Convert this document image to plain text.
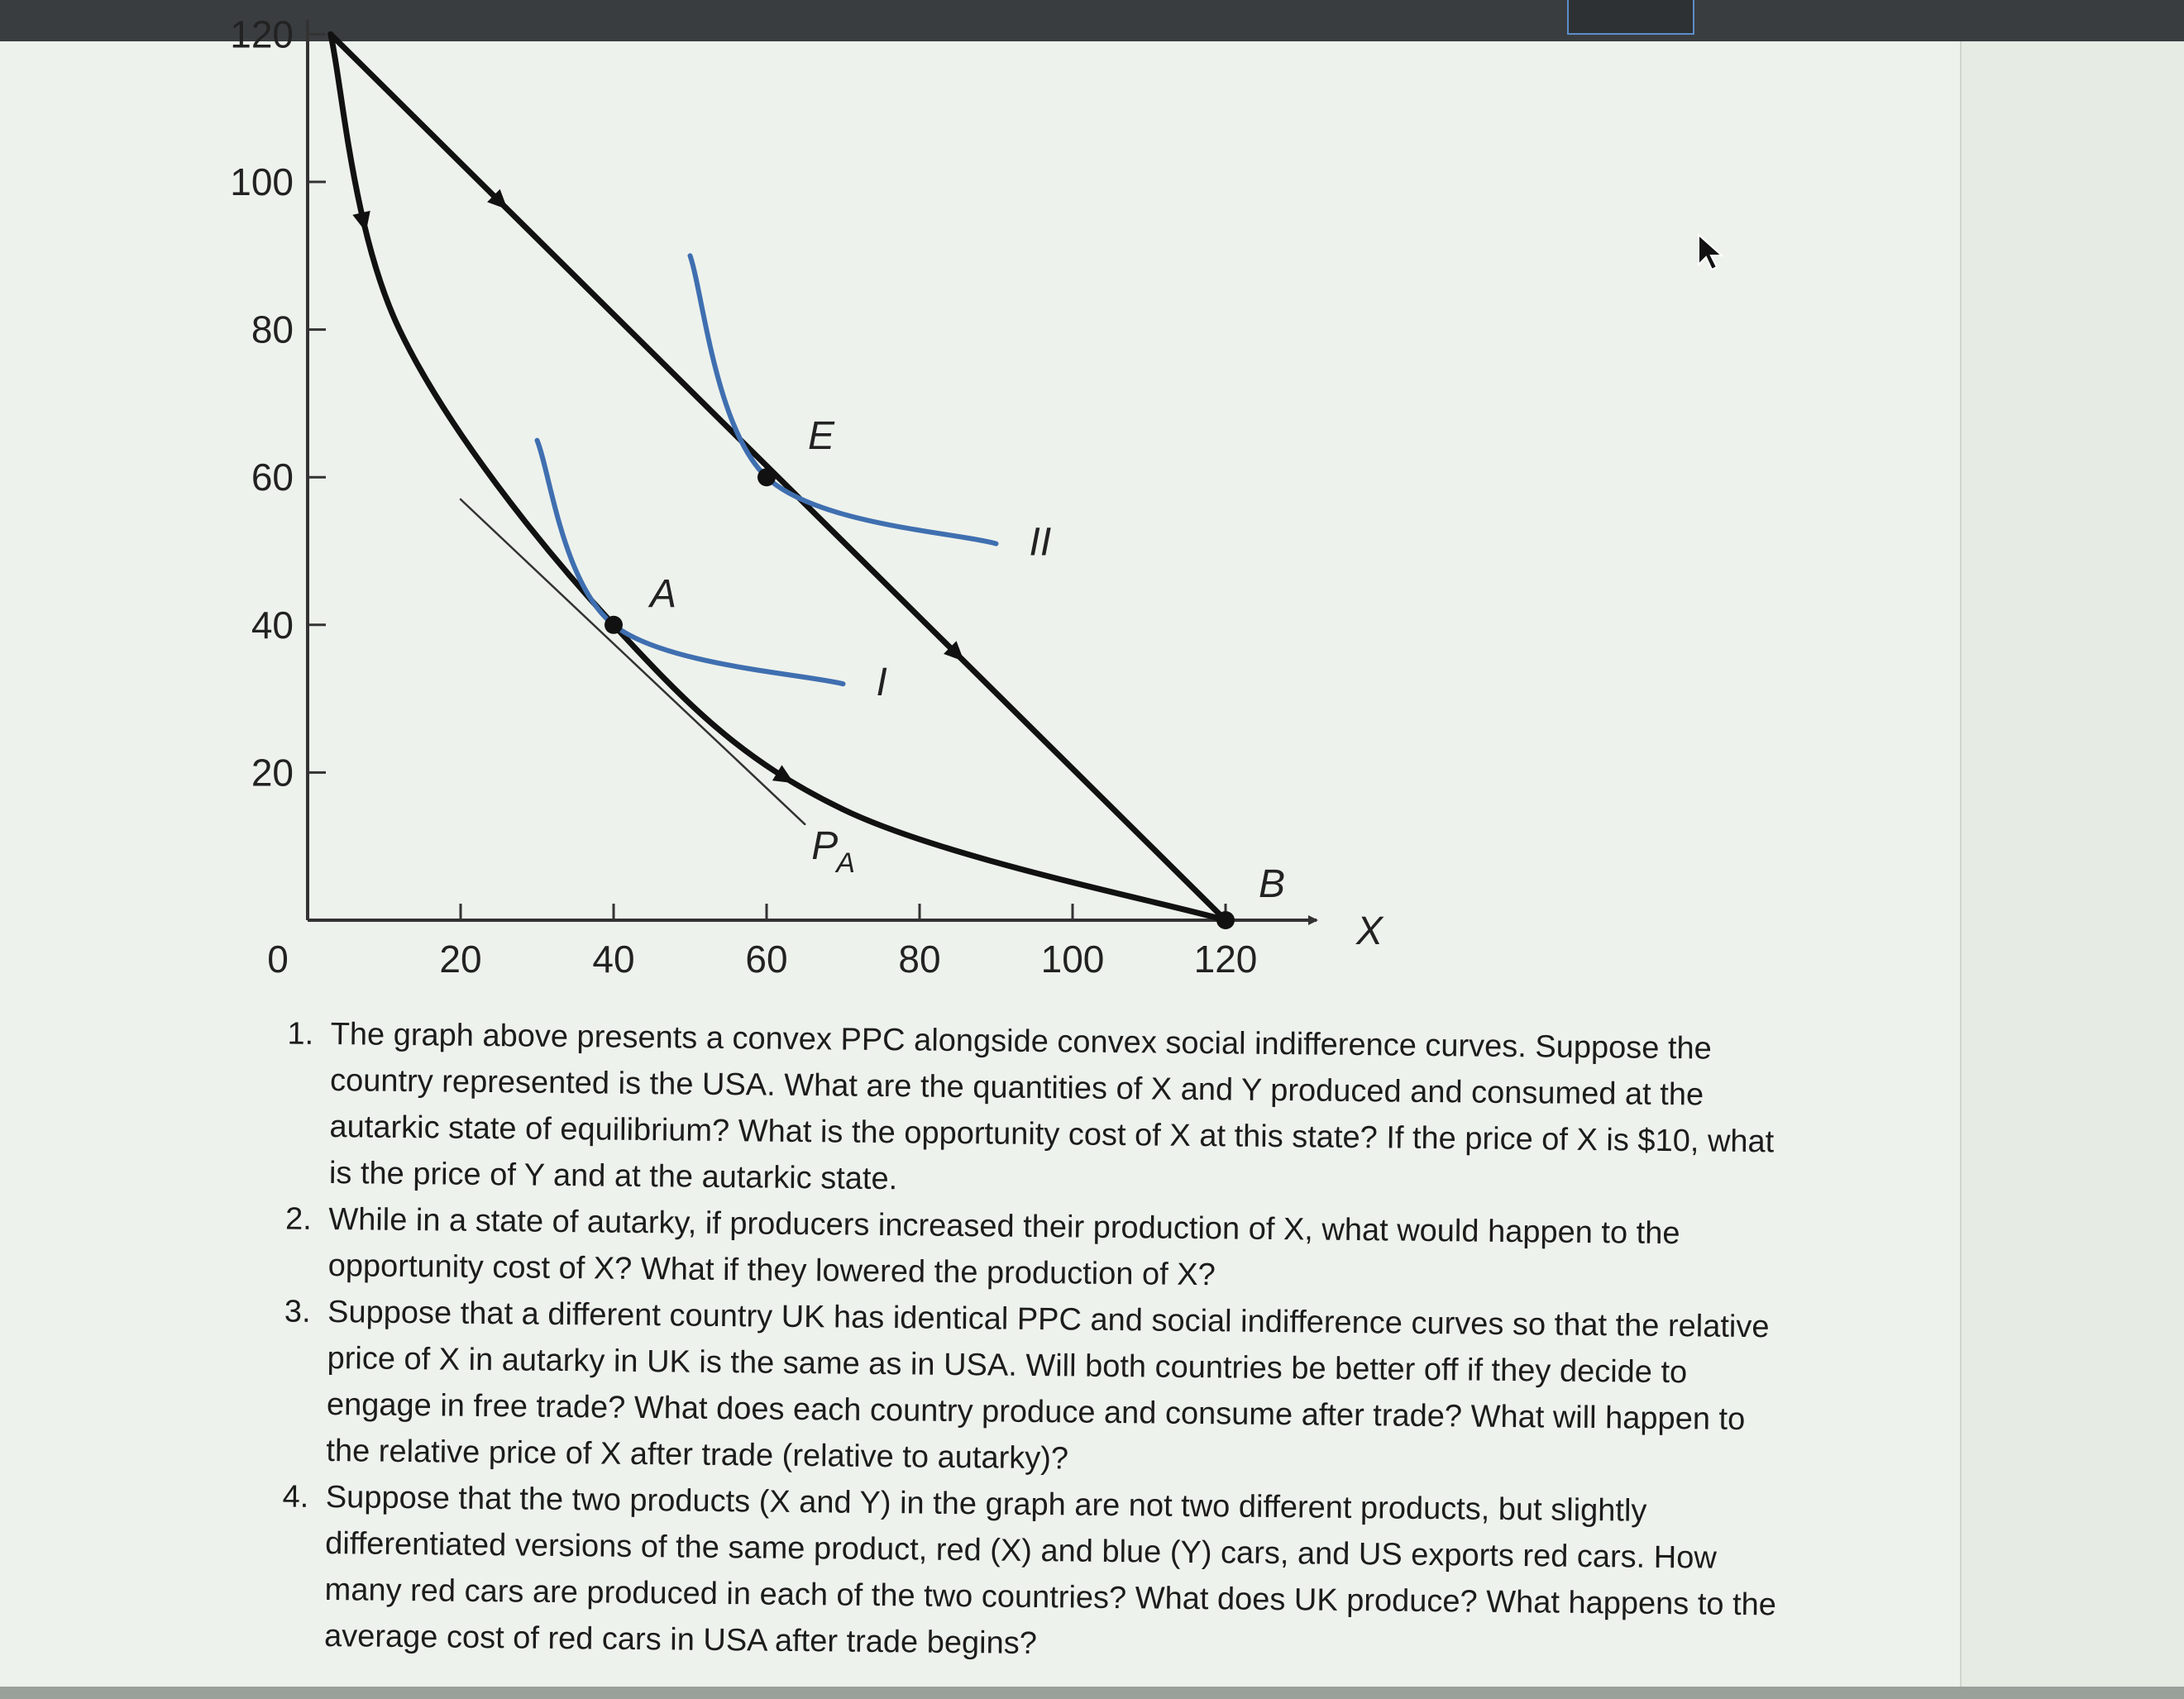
0	20	40	60	80	100 120
20
40
60
80
100
120
X
A
E
B
I
II
P
A
1. The graph above presents a convex PPC alongside convex social indifference curves. Suppose the country represented is the USA. What are the quantities of X and Y produced and consumed at the autarkic state of equilibrium? What is the opportunity cost of X at this state? If the price of X is $10, what is the price of Y and at the autarkic state.
2. While in a state of autarky, if producers increased their production of X, what would happen to the opportunity cost of X? What if they lowered the production of X?
3. Suppose that a different country UK has identical PPC and social indifference curves so that the relative price of X in autarky in UK is the same as in USA. Will both countries be better off if they decide to engage in free trade? What does each country produce and consume after trade? What will happen to the relative price of X after trade (relative to autarky)?
4. Suppose that the two products (X and Y) in the graph are not two different products, but slightly differentiated versions of the same product, red (X) and blue (Y) cars, and US exports red cars. How many red cars are produced in each of the two countries? What does UK produce? What happens to the average cost of red cars in USA after trade begins?
